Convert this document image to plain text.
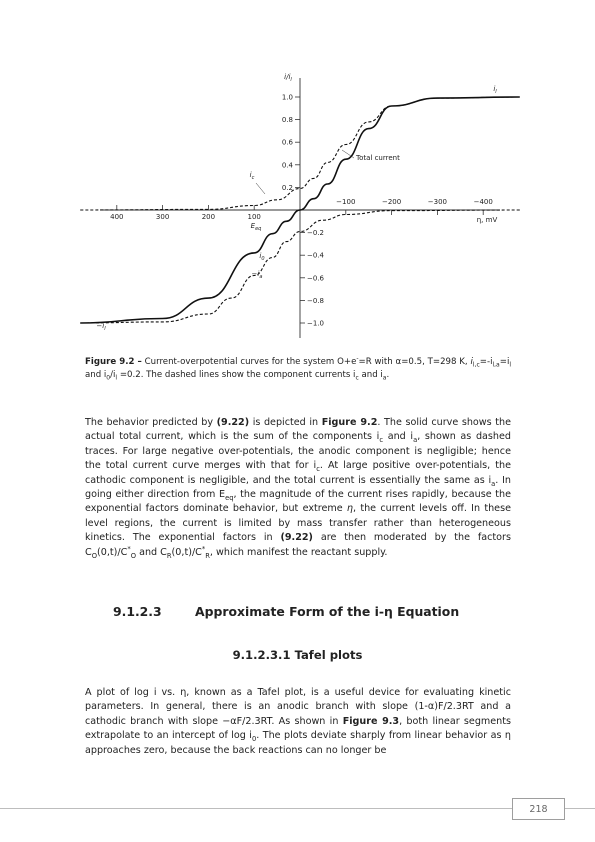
1.0
0.8
0.6
0.4
0.2
−0.2
−0.4
−0.6
−0.8
−1.0
400	300	200	100
−100	−200	−300	−400
$i/i_l$
η, mV
$i_l$
$-i_l$
$i_c$
$E_{eq}$
$i_0$
$-i_a$
Total current
Figure 9.2 – Current-overpotential curves for the system O+e-=R with α=0.5, T=298 K, $i_{l,c}=-i_{l,a}=i_l$ and $i_0/i_l =0.2$. The dashed lines show the component currents $i_c$ and $i_a$.

The behavior predicted by (9.22) is depicted in Figure 9.2. The solid curve shows the actual total current, which is the sum of the components $i_c$ and $i_a$, shown as dashed traces. For large negative over-potentials, the anodic component is negligible; hence the total current curve merges with that for $i_c$. At large positive over-potentials, the cathodic component is negligible, and the total current is essentially the same as $i_a$. In going either direction from $E_{eq}$, the magnitude of the current rises rapidly, because the exponential factors dominate behavior, but extreme η, the current levels off. In these level regions, the current is limited by mass transfer rather than heterogeneous kinetics. The exponential factors in (9.22) are then moderated by the factors $C_O(0,t)/C^*_O$ and $C_R(0,t)/C^*_R$, which manifest the reactant supply.

9.1.2.3	Approximate Form of the i-η Equation
9.1.2.3.1 Tafel plots

A plot of log i vs. η, known as a Tafel plot, is a useful device for evaluating kinetic parameters. In general, there is an anodic branch with slope (1-α)F/2.3RT and a cathodic branch with slope −αF/2.3RT. As shown in Figure 9.3, both linear segments extrapolate to an intercept of $\log i_0$. The plots deviate sharply from linear behavior as η approaches zero, because the back reactions can no longer be

218
